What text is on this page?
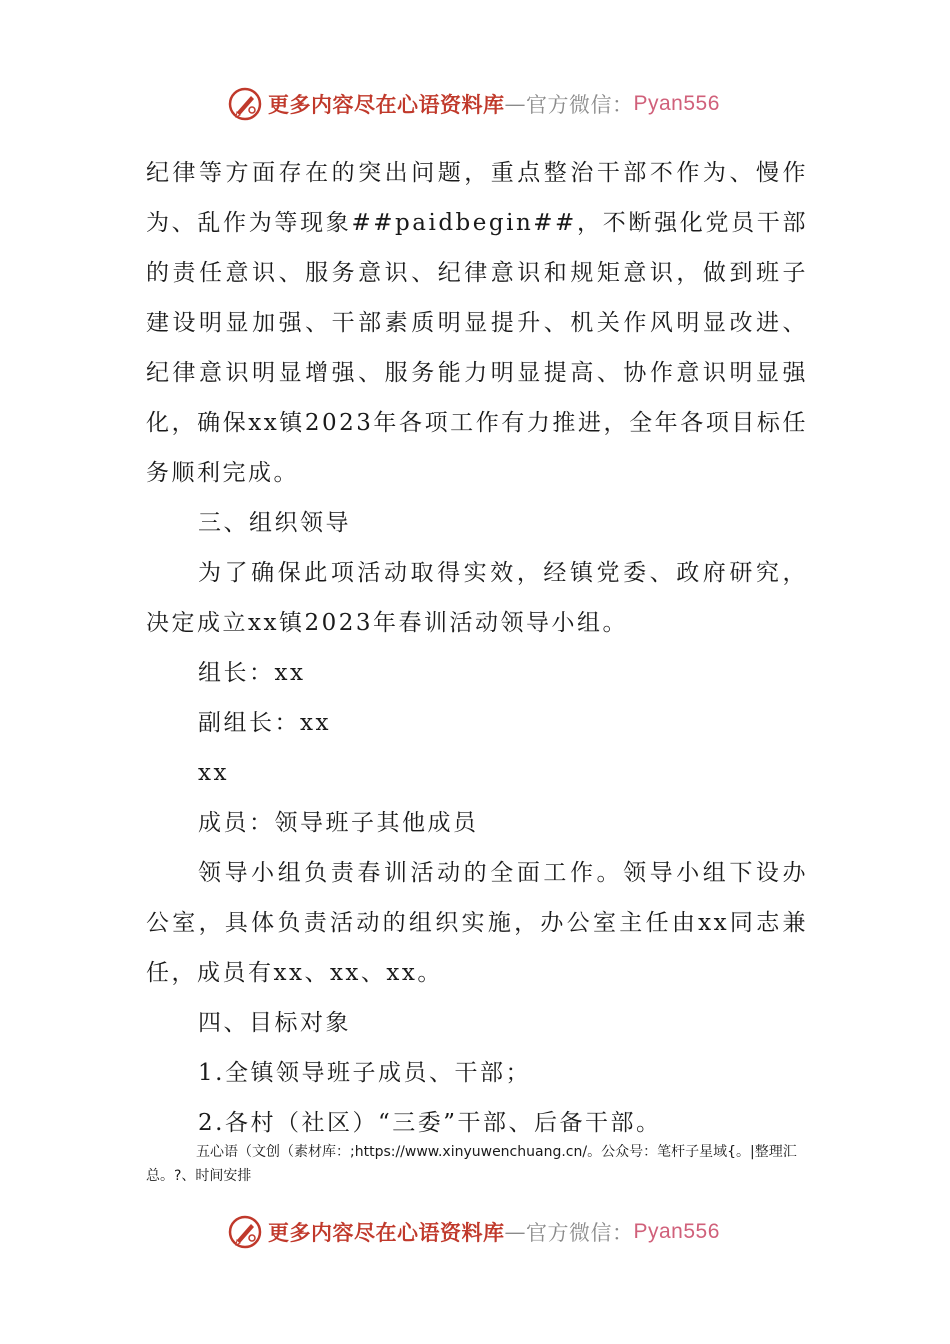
更多内容尽在心语资料库 — 官方微信： Pyan556

纪律等方面存在的突出问题，重点整治干部不作为、慢作为、乱作为等现象##paidbegin##，不断强化党员干部的责任意识、服务意识、纪律意识和规矩意识，做到班子建设明显加强、干部素质明显提升、机关作风明显改进、纪律意识明显增强、服务能力明显提高、协作意识明显强化，确保xx镇2023年各项工作有力推进，全年各项目标任务顺利完成。

三、组织领导

为了确保此项活动取得实效，经镇党委、政府研究，决定成立xx镇2023年春训活动领导小组。

组长：xx

副组长：xx

xx

成员：领导班子其他成员

领导小组负责春训活动的全面工作。领导小组下设办公室，具体负责活动的组织实施，办公室主任由xx同志兼任，成员有xx、xx、xx。

四、目标对象

1.全镇领导班子成员、干部；

2.各村（社区）“三委”干部、后备干部。

五心语（文创（素材库：;https://www.xinyuwenchuang.cn/。公众号：笔杆子星域{。|整理汇总。?、时间安排

更多内容尽在心语资料库 — 官方微信： Pyan556
